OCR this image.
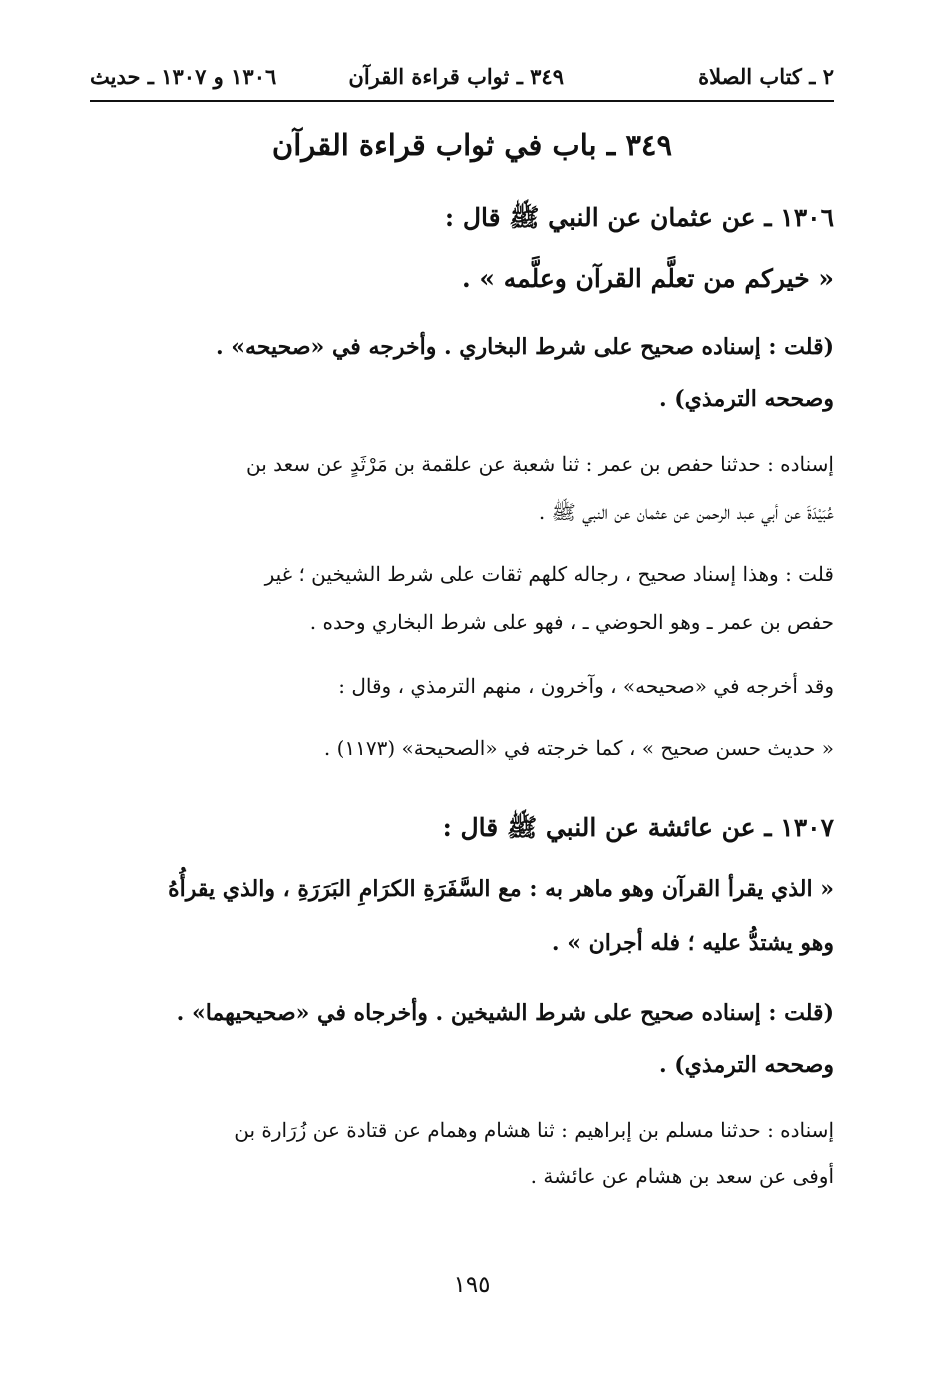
٢ ـ كتاب الصلاة
٣٤٩ ـ ثواب قراءة القرآن
١٣٠٦ و ١٣٠٧ ـ حديث
٣٤٩ ـ باب في ثواب قراءة القرآن
١٣٠٦ ـ عن عثمان عن النبي ﷺ قال :
« خيركم من تعلَّم القرآن وعلَّمه » .
(قلت : إسناده صحيح على شرط البخاري . وأخرجه في «صحيحه» .
وصححه الترمذي) .
إسناده : حدثنا حفص بن عمر : ثنا شعبة عن علقمة بن مَرْثَدٍ عن سعد بن
عُبَيْدَةَ عن أبي عبد الرحمن عن عثمان عن النبي ﷺ .
قلت : وهذا إسناد صحيح ، رجاله كلهم ثقات على شرط الشيخين ؛ غير
حفص بن عمر ـ وهو الحوضي ـ ، فهو على شرط البخاري وحده .
وقد أخرجه في «صحيحه» ، وآخرون ، منهم الترمذي ، وقال :
« حديث حسن صحيح » ، كما خرجته في «الصحيحة» (١١٧٣) .
١٣٠٧ ـ عن عائشة عن النبي ﷺ قال :
« الذي يقرأ القرآن وهو ماهر به : مع السَّفَرَةِ الكرَامِ البَرَرَةِ ، والذي يقرأُهُ
وهو يشتدُّ عليه ؛ فله أجران » .
(قلت : إسناده صحيح على شرط الشيخين . وأخرجاه في «صحيحيهما» .
وصححه الترمذي) .
إسناده : حدثنا مسلم بن إبراهيم : ثنا هشام وهمام عن قتادة عن زُرَارة بن
أوفى عن سعد بن هشام عن عائشة .
١٩٥
